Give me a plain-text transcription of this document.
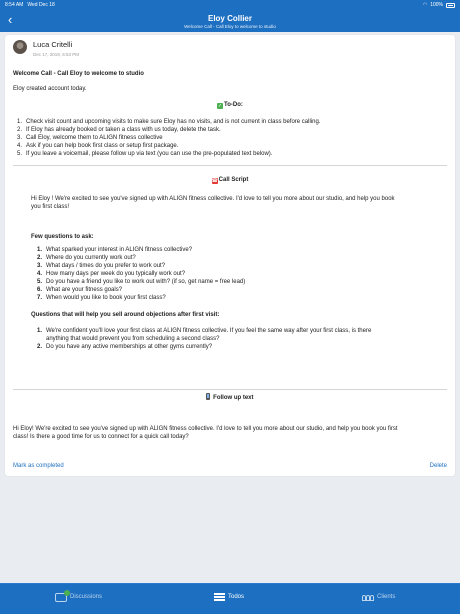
8:54 AM Wed Dec 18	◠ 100%
‹	Eloy Collier
Welcome Call - Call Eloy to welcome to studio
Luca Critelli
Dec 17, 2019, 6:53 PM
Welcome Call - Call Eloy to welcome to studio
Eloy created account today.
✓ To-Do:
1. Check visit count and upcoming visits to make sure Eloy has no visits, and is not current in class before calling.
2. If Eloy has already booked or taken a class with us today, delete the task.
3. Call Eloy, welcome them to ALIGN fitness collective
4. Ask if you can help book first class or setup first package.
5. If you leave a voicemail, please follow up via text (you can use the pre-populated text below).
☎Call Script
Hi Eloy ! We're excited to see you've signed up with ALIGN fitness collective. I'd love to tell you more about our studio, and help you book
you first class!
Few questions to ask:
1. What sparked your interest in ALIGN fitness collective?
2. Where do you currently work out?
3. What days / times do you prefer to work out?
4. How many days per week do you typically work out?
5. Do you have a friend you like to work out with? (if so, get name = free lead)
6. What are your fitness goals?
7. When would you like to book your first class?
Questions that will help you sell around objections after first visit:
1. We're confident you'll love your first class at ALIGN fitness collective. If you feel the same way after your first class, is there
anything that would prevent you from scheduling a second class?
2. Do you have any active memberships at other gyms currently?
Follow up text
Hi Eloy! We're excited to see you've signed up with ALIGN fitness collective. I'd love to tell you more about our studio, and help you book you first
class! Is there a good time for us to connect for a quick call today?
Mark as completed	Delete
Discussions	Todos	Clients
